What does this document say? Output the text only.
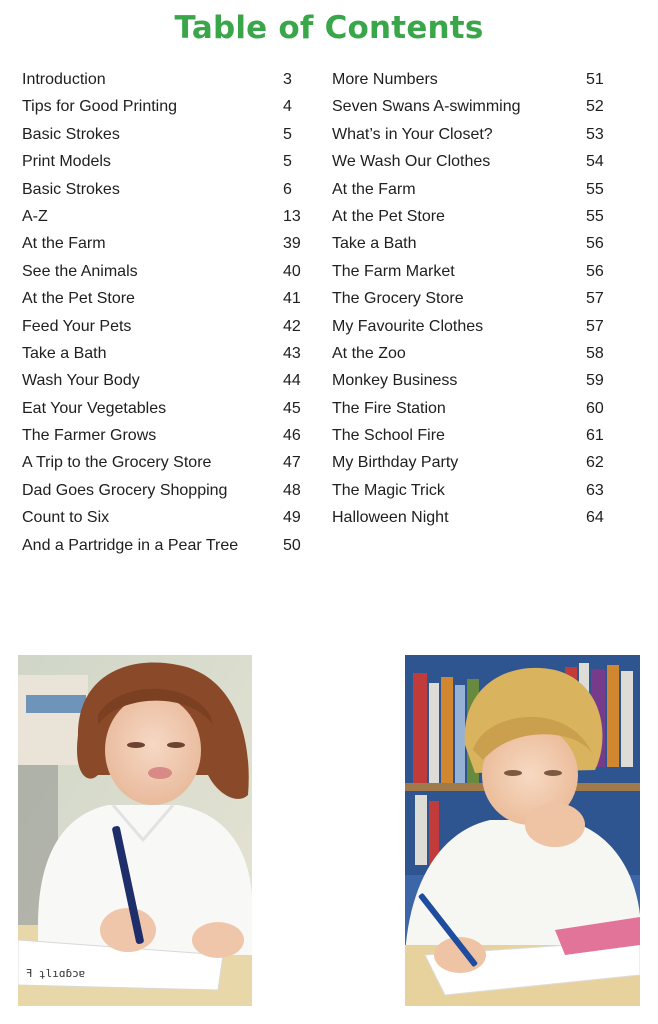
Table of Contents
Introduction	3
Tips for Good Printing	4
Basic Strokes	5
Print Models	5
Basic Strokes	6
A-Z	13
At the Farm	39
See the Animals	40
At the Pet Store	41
Feed Your Pets	42
Take a Bath	43
Wash Your Body	44
Eat Your Vegetables	45
The Farmer Grows	46
A Trip to the Grocery Store	47
Dad Goes Grocery Shopping	48
Count to Six	49
And a Partridge in a Pear Tree	50
More Numbers	51
Seven Swans A-swimming	52
What’s in Your Closet?	53
We Wash Our Clothes	54
At the Farm	55
At the Pet Store	55
Take a Bath	56
The Farm Market	56
The Grocery Store	57
My Favourite Clothes	57
At the Zoo	58
Monkey Business	59
The Fire Station	60
The School Fire	61
My Birthday Party	62
The Magic Trick	63
Halloween Night	64
ꟻ ʇlıɑɓɔɐ
